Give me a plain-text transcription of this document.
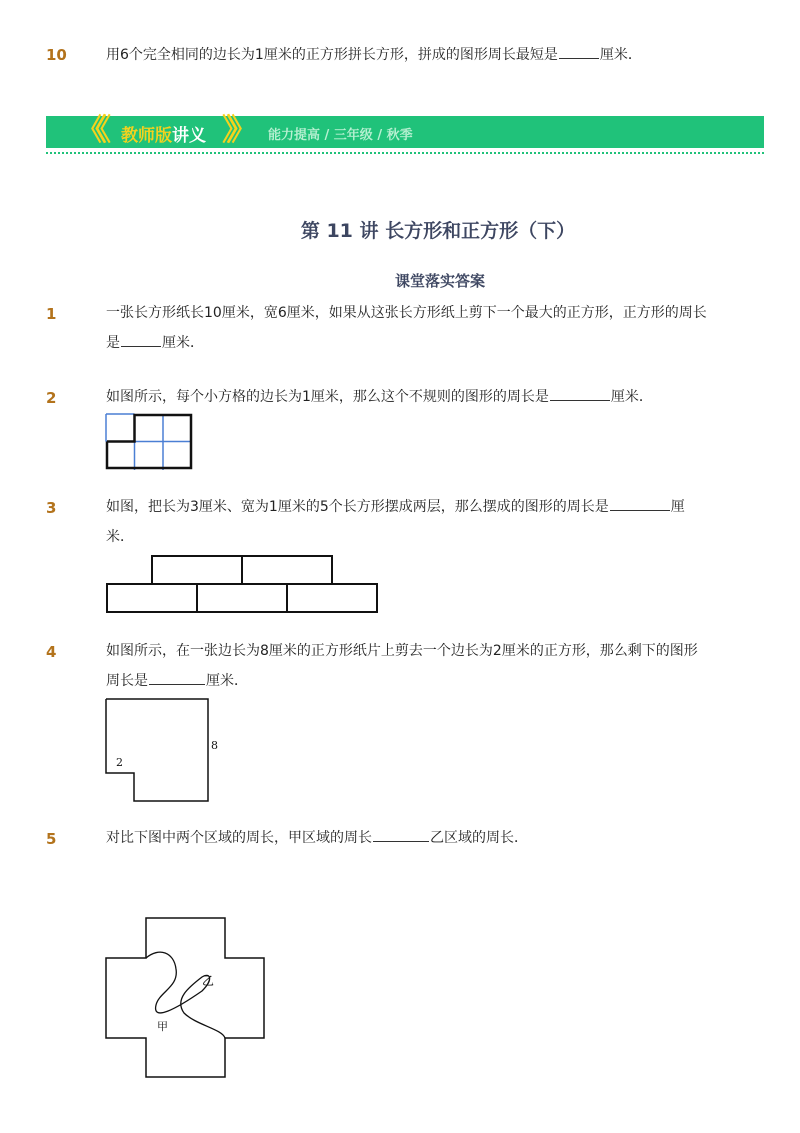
10	用6个完全相同的边长为1厘米的正方形拼长方形，拼成的图形周长最短是	厘米．
《《 教师版讲义 》》 能力提高 / 三年级 / 秋季
第 11 讲 长方形和正方形（下）
课堂落实答案
1	一张长方形纸长10厘米，宽6厘米，如果从这张长方形纸上剪下一个最大的正方形，正方形的周长
是	厘米．
2	如图所示，每个小方格的边长为1厘米，那么这个不规则的图形的周长是	厘米．
3	如图，把长为3厘米、宽为1厘米的5个长方形摆成两层，那么摆成的图形的周长是	厘
米．
4	如图所示，在一张边长为8厘米的正方形纸片上剪去一个边长为2厘米的正方形，那么剩下的图形
周长是	厘米．
8
2
5	对比下图中两个区域的周长，甲区域的周长	乙区域的周长．
乙
甲
